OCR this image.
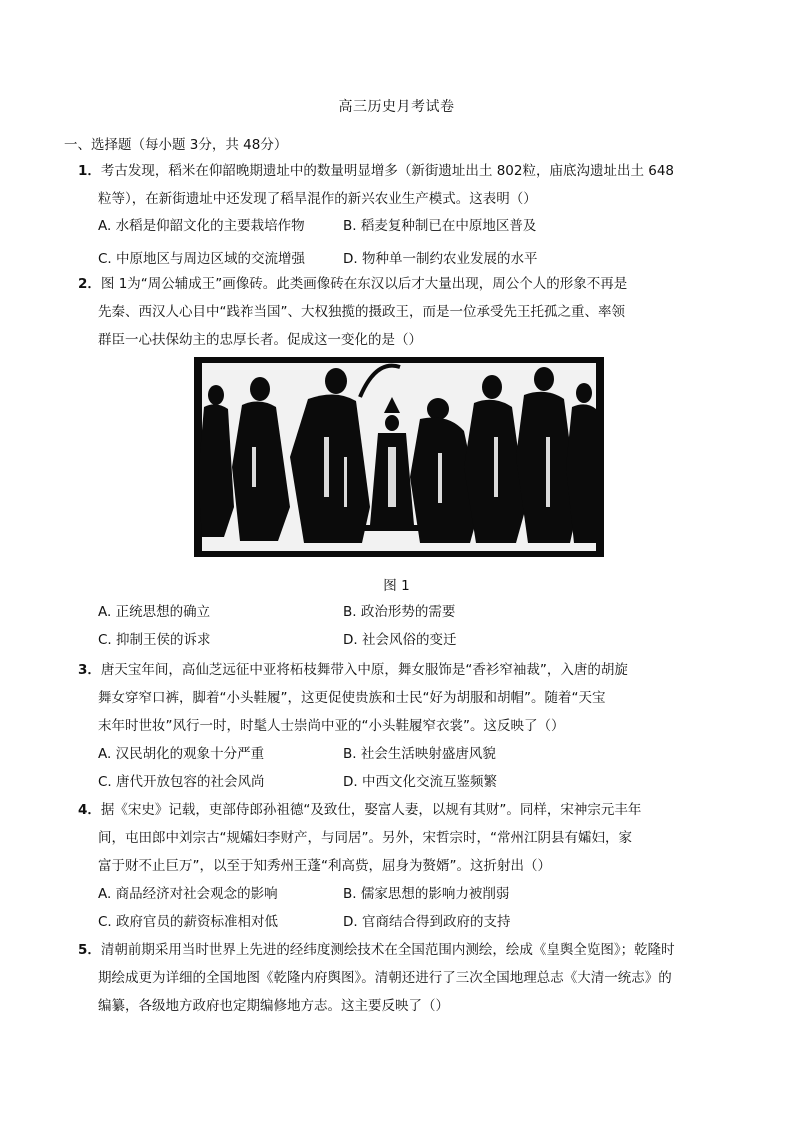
高三历史月考试卷
一、选择题（每小题 3分，共 48分）
1．考古发现，稻米在仰韶晚期遗址中的数量明显增多（新街遗址出土 802粒，庙底沟遗址出土 648
粒等），在新街遗址中还发现了稻旱混作的新兴农业生产模式。这表明（）
A. 水稻是仰韶文化的主要栽培作物	B. 稻麦复种制已在中原地区普及
C. 中原地区与周边区域的交流增强	D. 物种单一制约农业发展的水平
2．图 1为“周公辅成王”画像砖。此类画像砖在东汉以后才大量出现，周公个人的形象不再是
先秦、西汉人心目中“践祚当国”、大权独揽的摄政王，而是一位承受先王托孤之重、率领
群臣一心扶保幼主的忠厚长者。促成这一变化的是（）
图 1
A. 正统思想的确立	B. 政治形势的需要
C. 抑制王侯的诉求	D. 社会风俗的变迁
3．唐天宝年间，高仙芝远征中亚将柘枝舞带入中原，舞女服饰是“香衫窄袖裁”，入唐的胡旋
舞女穿窄口裤，脚着“小头鞋履”，这更促使贵族和士民“好为胡服和胡帽”。随着“天宝
末年时世妆”风行一时，时髦人士崇尚中亚的“小头鞋履窄衣裳”。这反映了（）
A. 汉民胡化的观象十分严重	B. 社会生活映射盛唐风貌
C. 唐代开放包容的社会风尚	D. 中西文化交流互鉴频繁
4．据《宋史》记载，吏部侍郎孙祖德“及致仕，娶富人妻，以规有其财”。同样，宋神宗元丰年
间，屯田郎中刘宗古“规孀妇李财产，与同居”。另外，宋哲宗时，“常州江阴县有孀妇，家
富于财不止巨万”，以至于知秀州王蓬“利高赀，屈身为赘婿”。这折射出（）
A. 商品经济对社会观念的影响	B. 儒家思想的影响力被削弱
C. 政府官员的薪资标准相对低	D. 官商结合得到政府的支持
5．清朝前期采用当时世界上先进的经纬度测绘技术在全国范围内测绘，绘成《皇舆全览图》；乾隆时
期绘成更为详细的全国地图《乾隆内府舆图》。清朝还进行了三次全国地理总志《大清一统志》的
编纂，各级地方政府也定期编修地方志。这主要反映了（）
